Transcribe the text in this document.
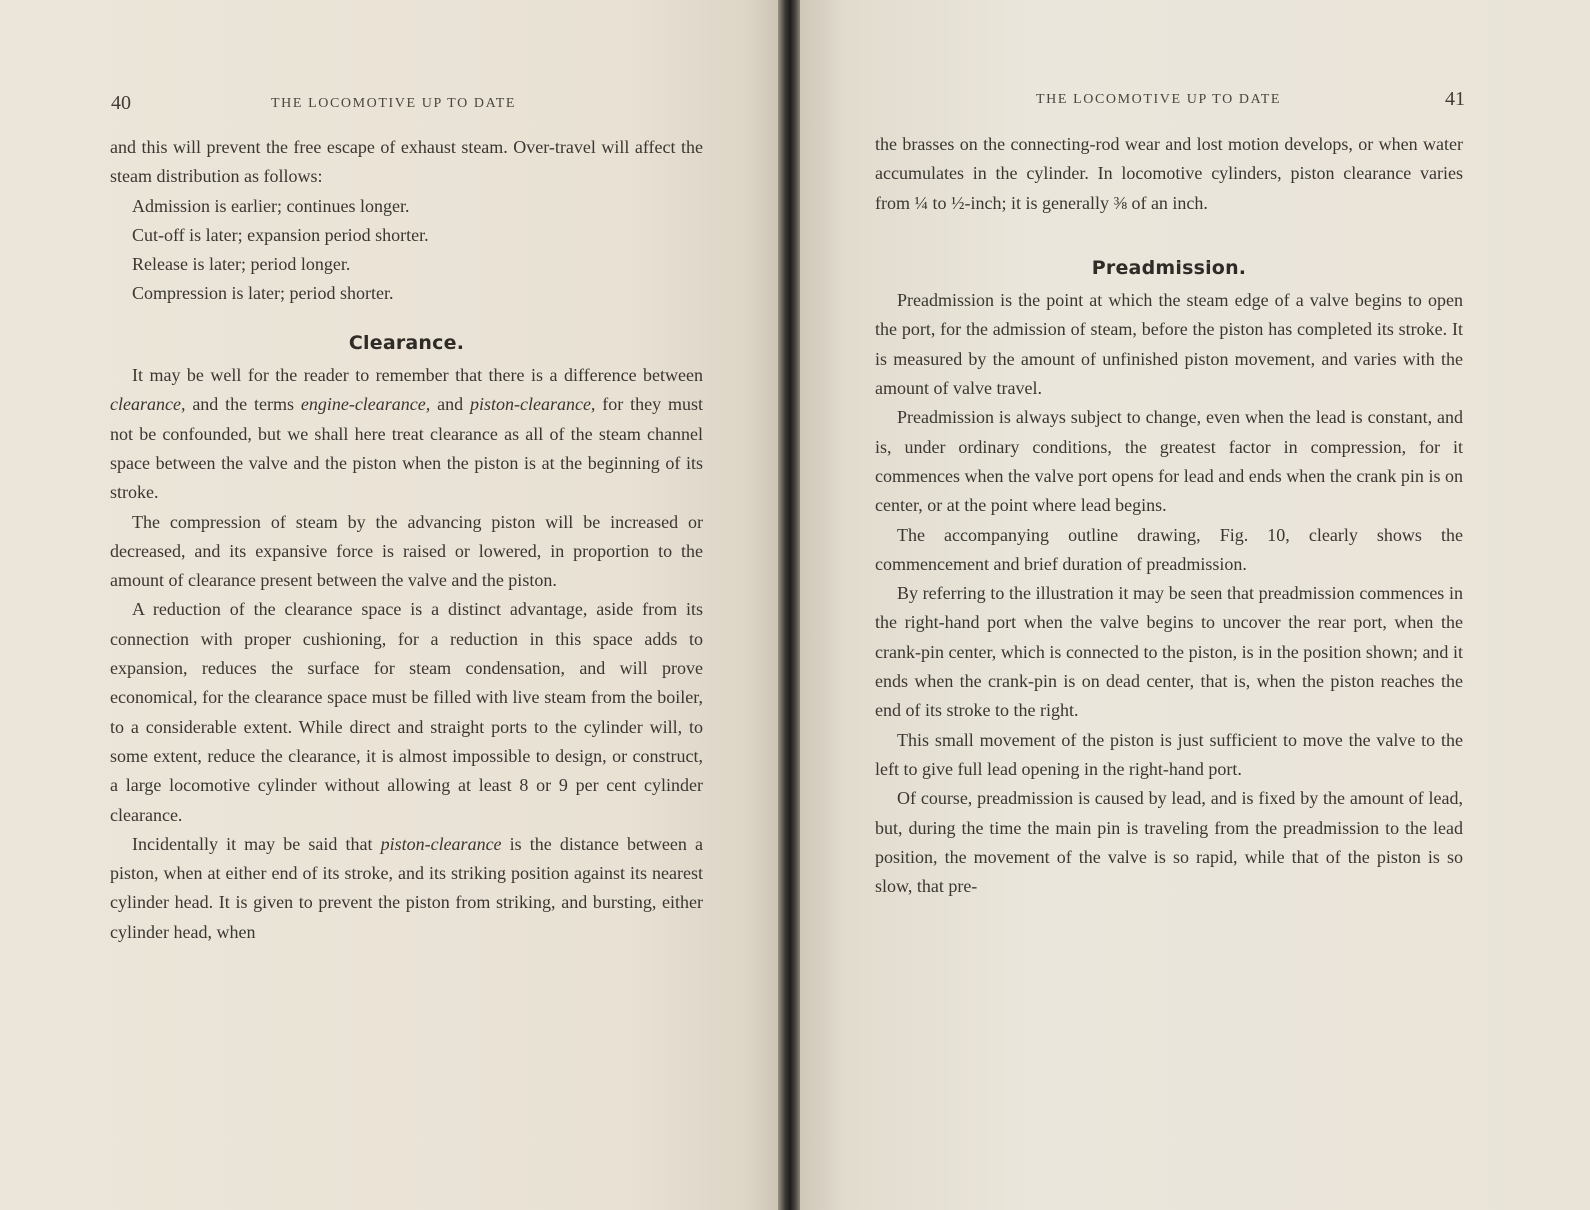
40	THE LOCOMOTIVE UP TO DATE

and this will prevent the free escape of exhaust steam. Over-travel will affect the steam distribution as follows:

Admission is earlier; continues longer.

Cut-off is later; expansion period shorter.

Release is later; period longer.

Compression is later; period shorter.

Clearance.

It may be well for the reader to remember that there is a difference between clearance, and the terms engine-clearance, and piston-clearance, for they must not be confounded, but we shall here treat clearance as all of the steam channel space between the valve and the piston when the piston is at the beginning of its stroke.

The compression of steam by the advancing piston will be increased or decreased, and its expansive force is raised or lowered, in proportion to the amount of clearance present between the valve and the piston.

A reduction of the clearance space is a distinct advantage, aside from its connection with proper cushioning, for a reduction in this space adds to expansion, reduces the surface for steam condensation, and will prove economical, for the clearance space must be filled with live steam from the boiler, to a considerable extent. While direct and straight ports to the cylinder will, to some extent, reduce the clearance, it is almost impossible to design, or construct, a large locomotive cylinder without allowing at least 8 or 9 per cent cylinder clearance.

Incidentally it may be said that piston-clearance is the distance between a piston, when at either end of its stroke, and its striking position against its nearest cylinder head. It is given to prevent the piston from striking, and bursting, either cylinder head, when

THE LOCOMOTIVE UP TO DATE	41

the brasses on the connecting-rod wear and lost motion develops, or when water accumulates in the cylinder. In locomotive cylinders, piston clearance varies from ¼ to ½-inch; it is generally ⅜ of an inch.

Preadmission.

Preadmission is the point at which the steam edge of a valve begins to open the port, for the admission of steam, before the piston has completed its stroke. It is measured by the amount of unfinished piston movement, and varies with the amount of valve travel.

Preadmission is always subject to change, even when the lead is constant, and is, under ordinary conditions, the greatest factor in compression, for it commences when the valve port opens for lead and ends when the crank pin is on center, or at the point where lead begins.

The accompanying outline drawing, Fig. 10, clearly shows the commencement and brief duration of preadmission.

By referring to the illustration it may be seen that preadmission commences in the right-hand port when the valve begins to uncover the rear port, when the crank-pin center, which is connected to the piston, is in the position shown; and it ends when the crank-pin is on dead center, that is, when the piston reaches the end of its stroke to the right.

This small movement of the piston is just sufficient to move the valve to the left to give full lead opening in the right-hand port.

Of course, preadmission is caused by lead, and is fixed by the amount of lead, but, during the time the main pin is traveling from the preadmission to the lead position, the movement of the valve is so rapid, while that of the piston is so slow, that pre-
